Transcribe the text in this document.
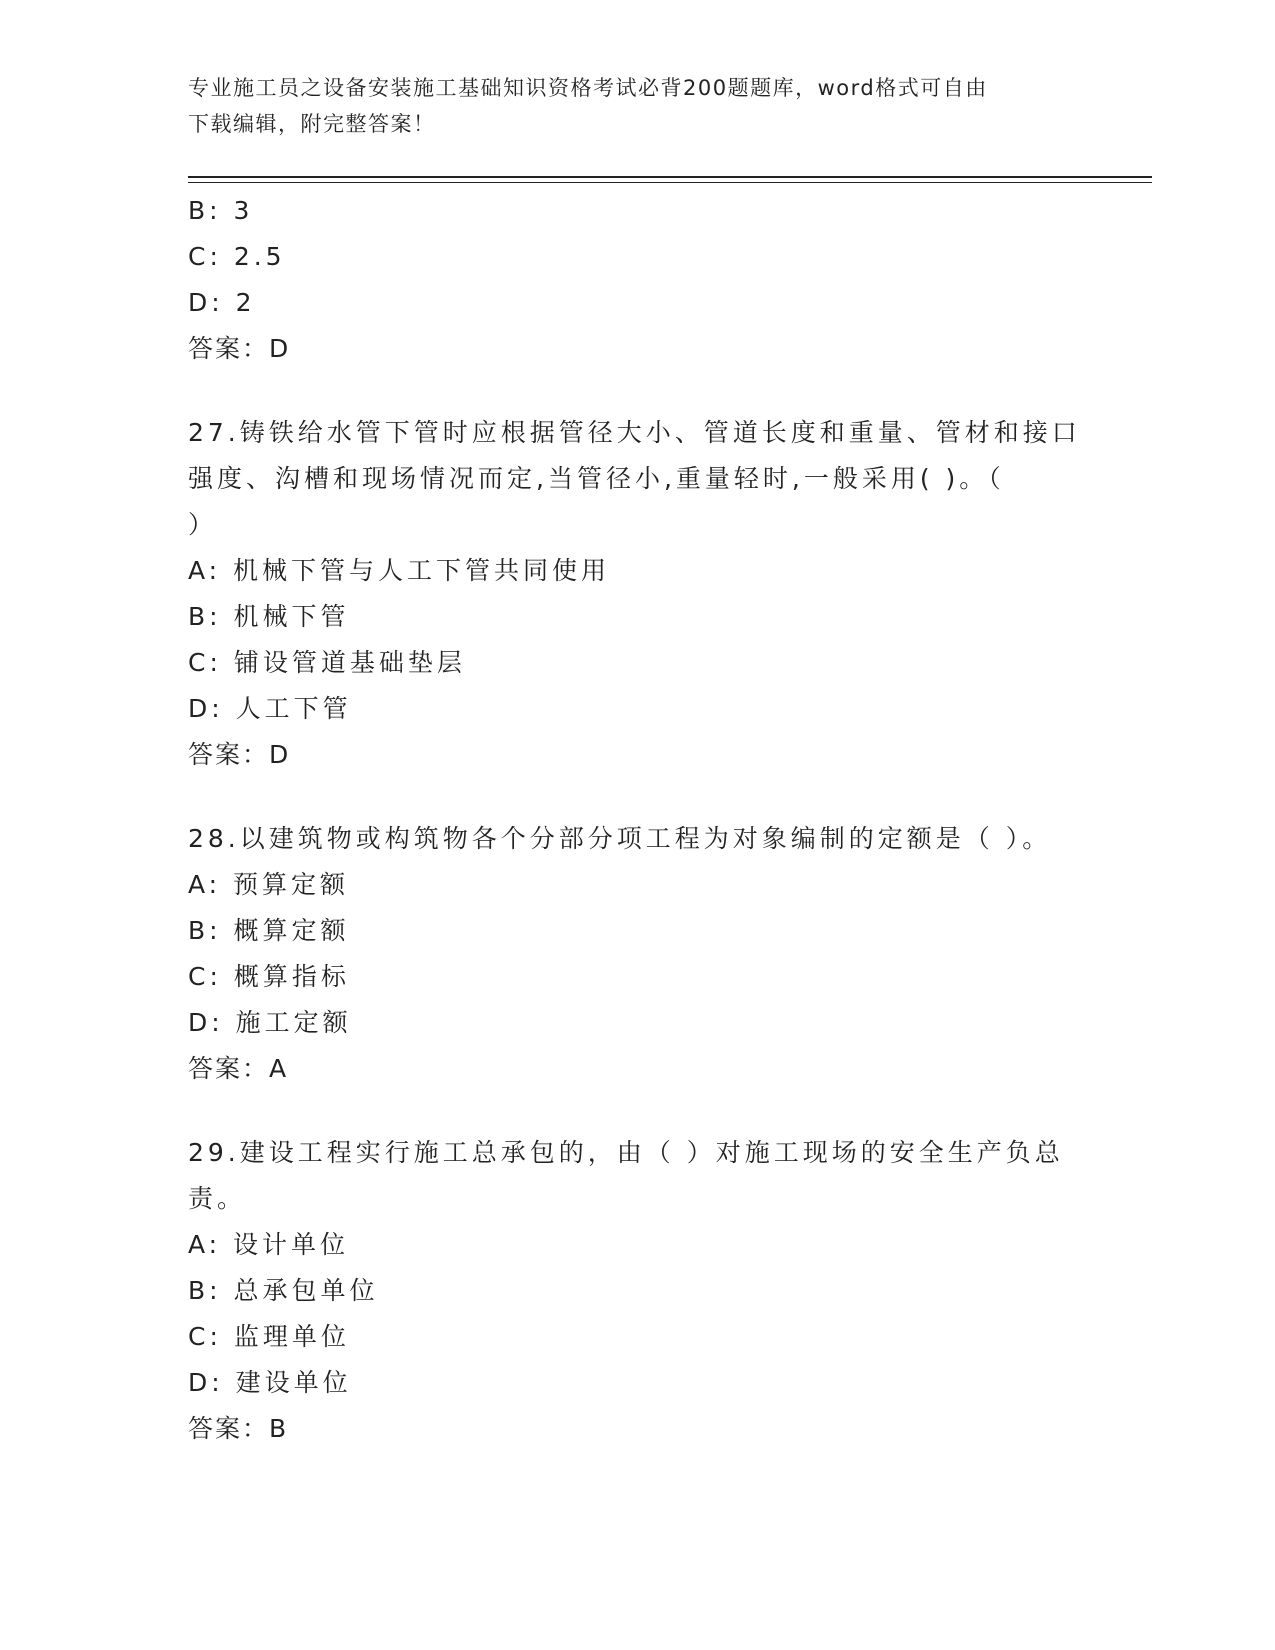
专业施工员之设备安装施工基础知识资格考试必背200题题库，word格式可自由
下载编辑，附完整答案！
B: 3
C: 2.5
D: 2
答案：D
27.铸铁给水管下管时应根据管径大小、管道长度和重量、管材和接口
强度、沟槽和现场情况而定,当管径小,重量轻时,一般采用( )。（
）
A: 机械下管与人工下管共同使用
B: 机械下管
C: 铺设管道基础垫层
D: 人工下管
答案：D
28.以建筑物或构筑物各个分部分项工程为对象编制的定额是（ ）。
A: 预算定额
B: 概算定额
C: 概算指标
D: 施工定额
答案：A
29.建设工程实行施工总承包的，由（ ）对施工现场的安全生产负总
责。
A: 设计单位
B: 总承包单位
C: 监理单位
D: 建设单位
答案：B
